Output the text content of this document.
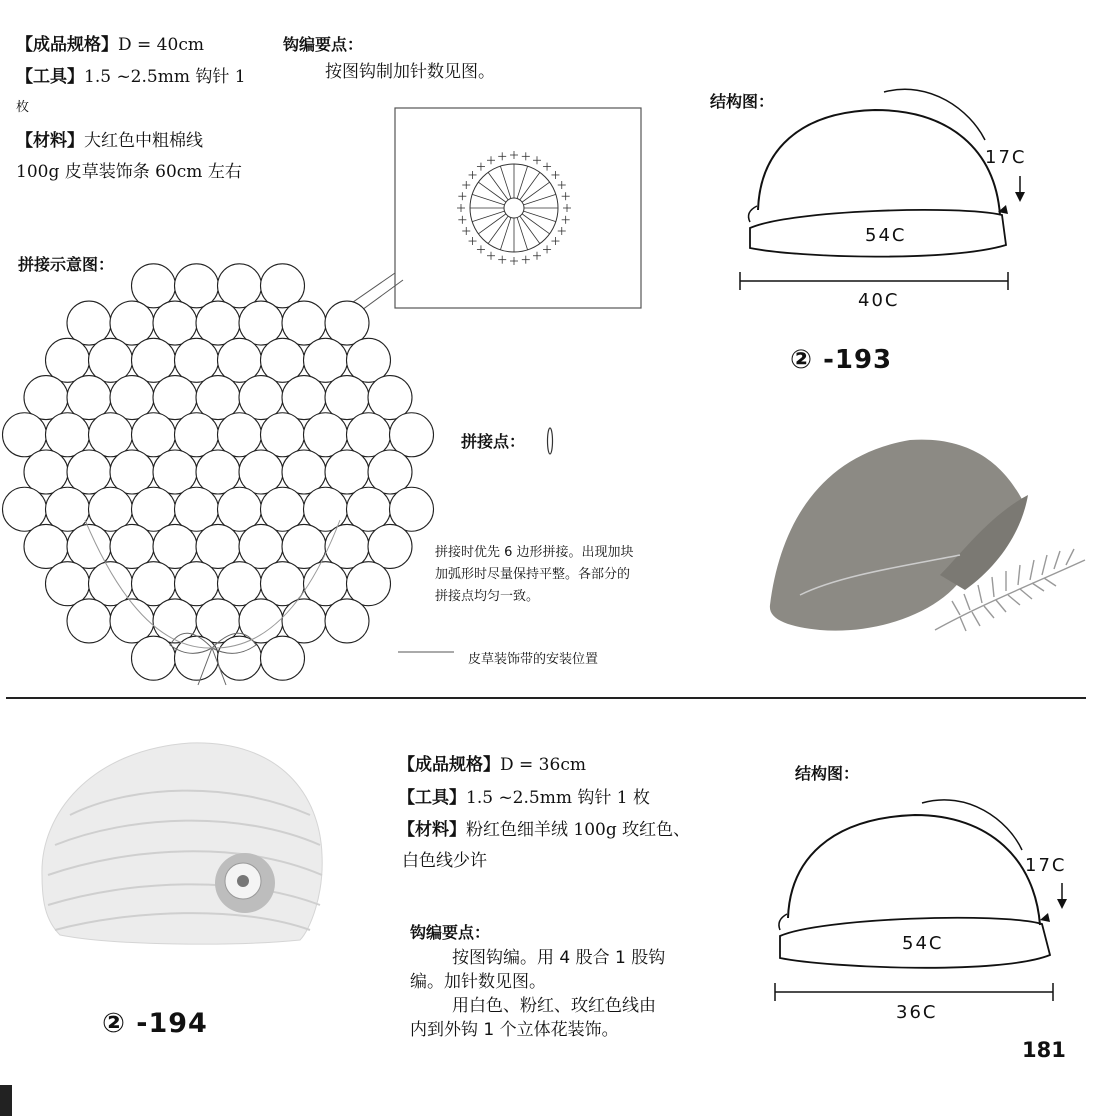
【成品规格】D = 40cm
【工具】1.5 ~2.5mm 钩针 1
枚
【材料】大红色中粗棉线
100g 皮草装饰条 60cm 左右
钩编要点：
按图钩制加针数见图。
拼接示意图：
拼接点：
拼接时优先 6 边形拼接。出现加块
加弧形时尽量保持平整。各部分的
拼接点均匀一致。
皮草装饰带的安装位置
结构图：
17C
54C
40C
② -193
② -194
【成品规格】D = 36cm
【工具】1.5 ~2.5mm 钩针 1 枚
【材料】粉红色细羊绒 100g 玫红色、
白色线少许
钩编要点：
按图钩编。用 4 股合 1 股钩
编。加针数见图。
用白色、粉红、玫红色线由
内到外钩 1 个立体花装饰。
结构图：
17C
54C
36C
181
